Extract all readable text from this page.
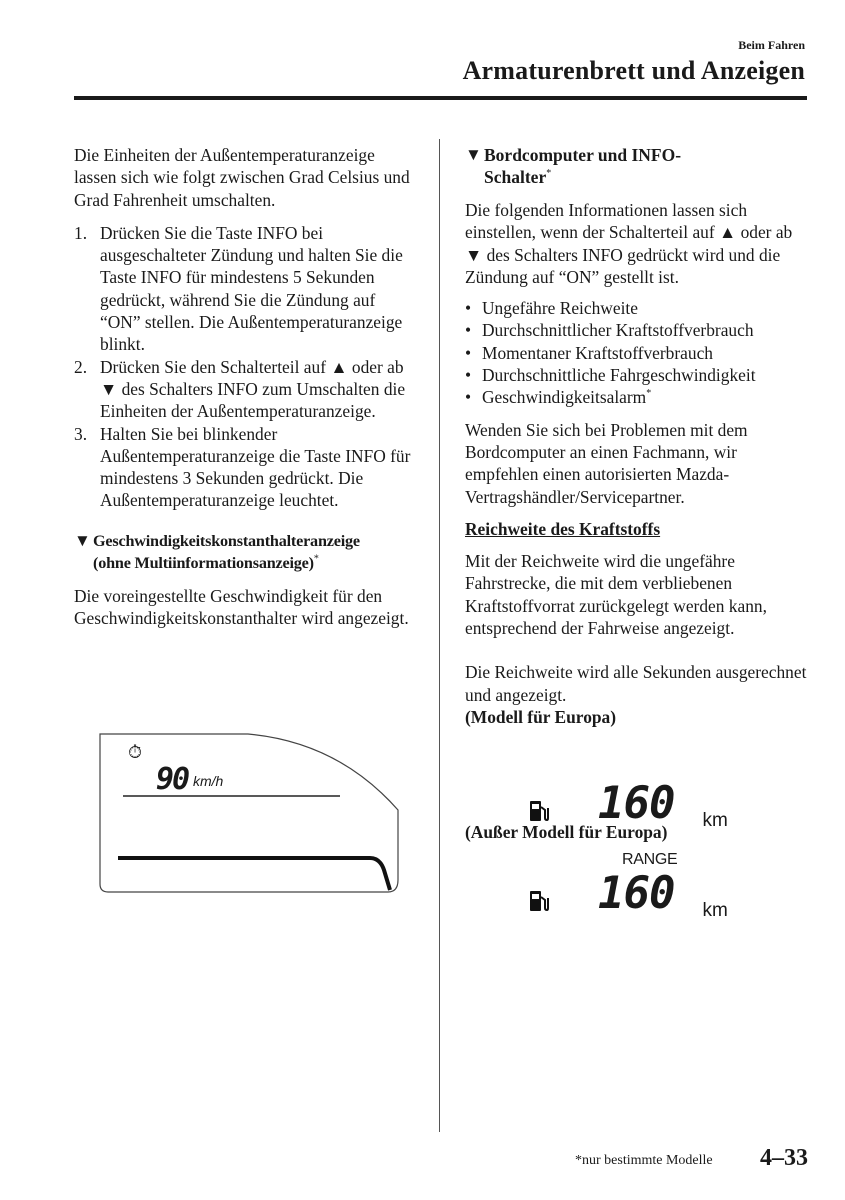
Beim Fahren
Armaturenbrett und Anzeigen

Die Einheiten der Außentemperaturanzeige lassen sich wie folgt zwischen Grad Celsius und Grad Fahrenheit umschalten.

1. Drücken Sie die Taste INFO bei ausgeschalteter Zündung und halten Sie die Taste INFO für mindestens 5 Sekunden gedrückt, während Sie die Zündung auf “ON” stellen. Die Außentemperaturanzeige blinkt.
2. Drücken Sie den Schalterteil auf ▲ oder ab ▼ des Schalters INFO zum Umschalten die Einheiten der Außentemperaturanzeige.
3. Halten Sie bei blinkender Außentemperaturanzeige die Taste INFO für mindestens 3 Sekunden gedrückt. Die Außentemperaturanzeige leuchtet.
▼ Geschwindigkeitskonstanthalteranzeige
(ohne Multiinformationsanzeige)*

Die voreingestellte Geschwindigkeit für den Geschwindigkeitskonstanthalter wird angezeigt.

⏱
90 km/h
▼ Bordcomputer und INFO-
Schalter*

Die folgenden Informationen lassen sich einstellen, wenn der Schalterteil auf ▲ oder ab ▼ des Schalters INFO gedrückt wird und die Zündung auf “ON” gestellt ist.

• Ungefähre Reichweite
• Durchschnittlicher Kraftstoffverbrauch
• Momentaner Kraftstoffverbrauch
• Durchschnittliche Fahrgeschwindigkeit
• Geschwindigkeitsalarm*

Wenden Sie sich bei Problemen mit dem Bordcomputer an einen Fachmann, wir empfehlen einen autorisierten Mazda-Vertragshändler/Servicepartner.

Reichweite des Kraftstoffs

Mit der Reichweite wird die ungefähre Fahrstrecke, die mit dem verbliebenen Kraftstoffvorrat zurückgelegt werden kann, entsprechend der Fahrweise angezeigt.

Die Reichweite wird alle Sekunden ausgerechnet und angezeigt.

(Modell für Europa)
160 km
(Außer Modell für Europa)
RANGE
160 km
*nur bestimmte Modelle 4–33
